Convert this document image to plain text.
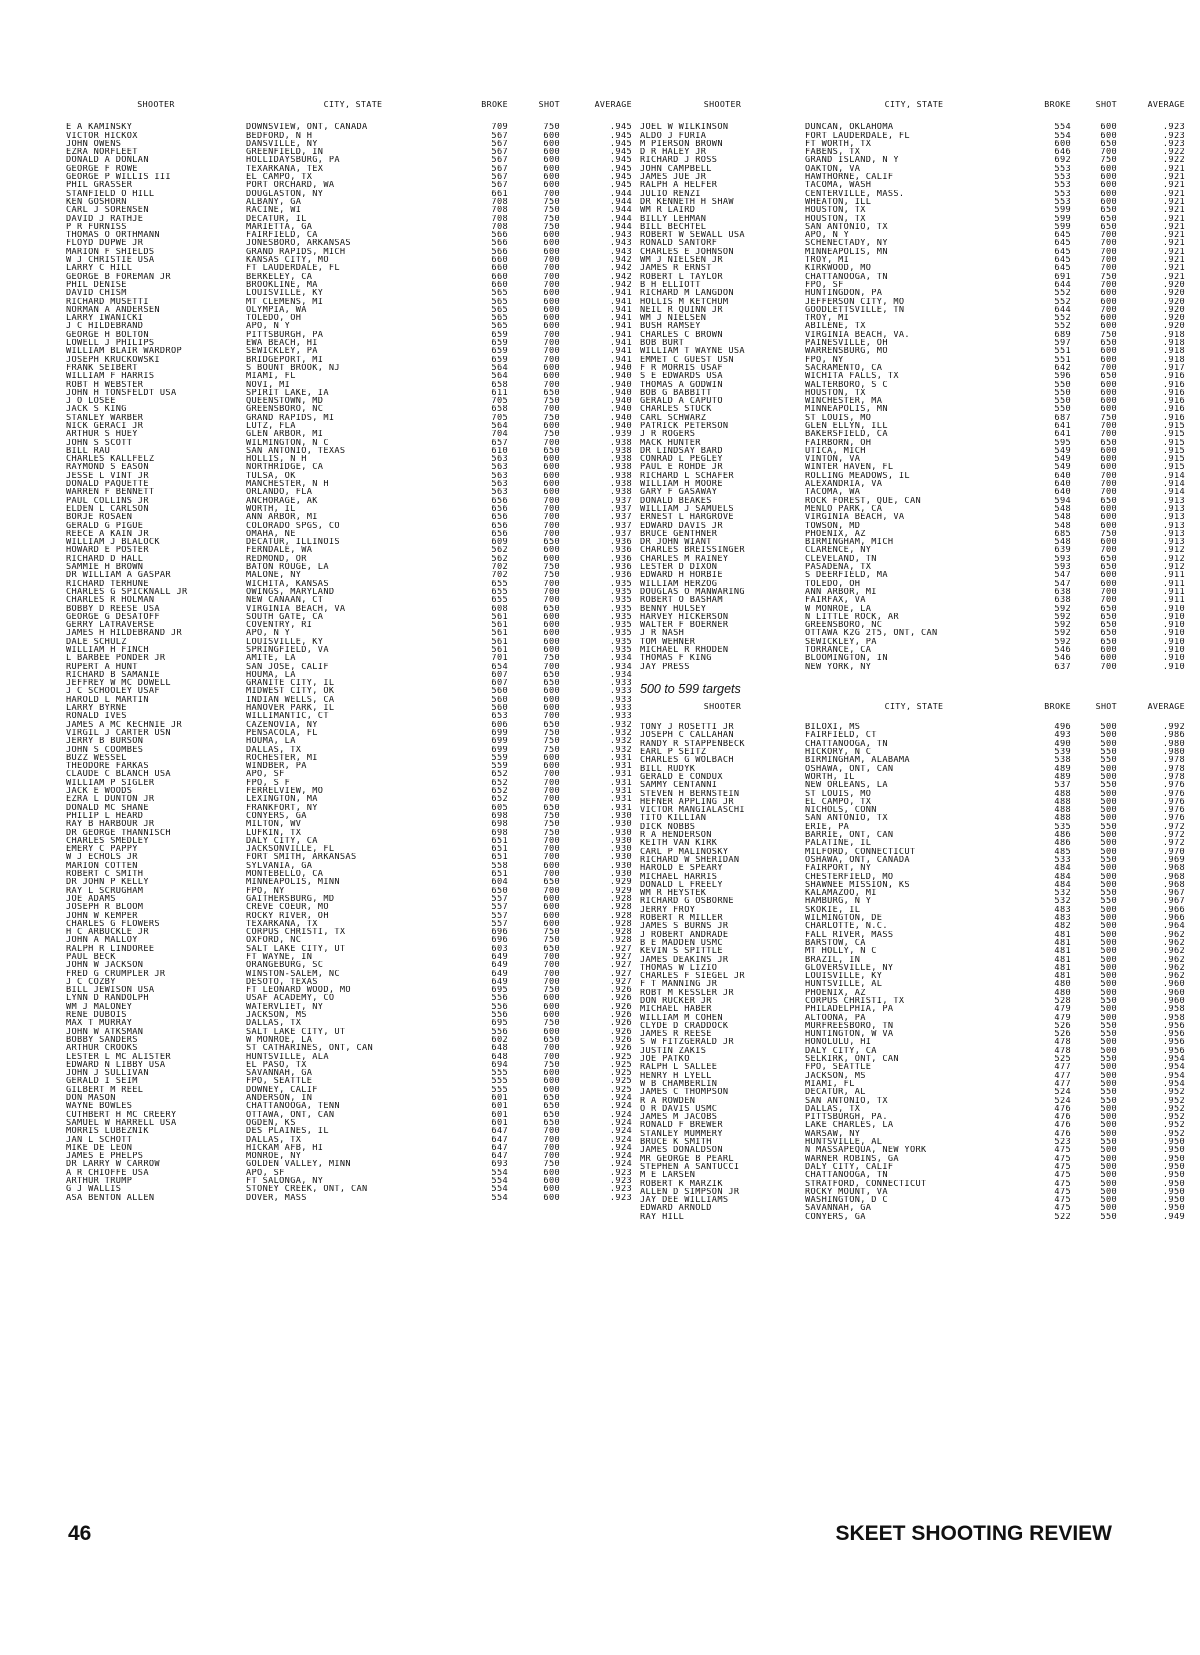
SHOOTER	CITY, STATE	BROKE	SHOT	AVERAGE
E A KAMINSKY	DOWNSVIEW, ONT, CANADA	709	750	.945
VICTOR HICKOX	BEDFORD, N H	567	600	.945
JOHN OWENS	DANSVILLE, NY	567	600	.945
EZRA NORFLEET	GREENFIELD, IN	567	600	.945
DONALD A DONLAN	HOLLIDAYSBURG, PA	567	600	.945
GEORGE F ROWE	TEXARKANA, TEX	567	600	.945
GEORGE P WILLIS III	EL CAMPO, TX	567	600	.945
PHIL GRASSER	PORT ORCHARD, WA	567	600	.945
STANFIELD O HILL	DOUGLASTON, NY	661	700	.944
KEN GOSHORN	ALBANY, GA	708	750	.944
CARL J SORENSEN	RACINE, WI	708	750	.944
DAVID J RATHJE	DECATUR, IL	708	750	.944
P R FURNISS	MARIETTA, GA	708	750	.944
THOMAS O ORTHMANN	FAIRFIELD, CA	566	600	.943
FLOYD DUPWE JR	JONESBORO, ARKANSAS	566	600	.943
MARION F SHIELDS	GRAND RAPIDS, MICH	566	600	.943
W J CHRISTIE USA	KANSAS CITY, MO	660	700	.942
LARRY C HILL	FT LAUDERDALE, FL	660	700	.942
GEORGE B FOREMAN JR	BERKELEY, CA	660	700	.942
PHIL DENISE	BROOKLINE, MA	660	700	.942
DAVID CHISM	LOUISVILLE, KY	565	600	.941
RICHARD MUSETTI	MT CLEMENS, MI	565	600	.941
NORMAN A ANDERSEN	OLYMPIA, WA	565	600	.941
LARRY IWANICKI	TOLEDO, OH	565	600	.941
J C HILDEBRAND	APO, N Y	565	600	.941
GEORGE H BOLTON	PITTSBURGH, PA	659	700	.941
LOWELL J PHILIPS	EWA BEACH, HI	659	700	.941
WILLIAM BLAIR WARDROP	SEWICKLEY, PA	659	700	.941
JOSEPH KRUCKOWSKI	BRIDGEPORT, MI	659	700	.941
FRANK SEIBERT	S BOUNT BROOK, NJ	564	600	.940
WILLIAM F HARRIS	MIAMI, FL	564	600	.940
ROBT H WEBSTER	NOVI, MI	658	700	.940
JOHN H TONSFELDT USA	SPIRIT LAKE, IA	611	650	.940
J O LOSEE	QUEENSTOWN, MD	705	750	.940
JACK S KING	GREENSBORO, NC	658	700	.940
STANLEY WARBER	GRAND RAPIDS, MI	705	750	.940
NICK GERACI JR	LUTZ, FLA	564	600	.940
ARTHUR S HUEY	GLEN ARBOR, MI	704	750	.939
JOHN S SCOTT	WILMINGTON, N C	657	700	.938
BILL RAU	SAN ANTONIO, TEXAS	610	650	.938
CHARLES KALLFELZ	HOLLIS, N H	563	600	.938
RAYMOND S EASON	NORTHRIDGE, CA	563	600	.938
JESSE L VINT JR	TULSA, OK	563	600	.938
DONALD PAQUETTE	MANCHESTER, N H	563	600	.938
WARREN F BENNETT	ORLANDO, FLA	563	600	.938
PAUL COLLINS JR	ANCHORAGE, AK	656	700	.937
ELDEN L CARLSON	WORTH, IL	656	700	.937
BORJE ROSAEN	ANN ARBOR, MI	656	700	.937
GERALD G PIGUE	COLORADO SPGS, CO	656	700	.937
REECE A KAIN JR	OMAHA, NE	656	700	.937
WILLIAM J BLALOCK	DECATUR, ILLINOIS	609	650	.936
HOWARD E POSTER	FERNDALE, WA	562	600	.936
RICHARD D HALL	REDMOND, OR	562	600	.936
SAMMIE H BROWN	BATON ROUGE, LA	702	750	.936
DR WILLIAM A GASPAR	MALONE, NY	702	750	.936
RICHARD TERHUNE	WICHITA, KANSAS	655	700	.935
CHARLES G SPICKNALL JR	OWINGS, MARYLAND	655	700	.935
CHARLES R HOLMAN	NEW CANAAN, CT	655	700	.935
BOBBY D REESE USA	VIRGINIA BEACH, VA	608	650	.935
GEORGE G DESATOFF	SOUTH GATE, CA	561	600	.935
GERRY LATRAVERSE	COVENTRY, RI	561	600	.935
JAMES H HILDEBRAND JR	APO, N Y	561	600	.935
DALE SCHULZ	LOUISVILLE, KY	561	600	.935
WILLIAM H FINCH	SPRINGFIELD, VA	561	600	.935
L BARBEE PONDER JR	AMITE, LA	701	750	.934
RUPERT A HUNT	SAN JOSE, CALIF	654	700	.934
RICHARD B SAMANIE	HOUMA, LA	607	650	.934
JEFFREY W MC DOWELL	GRANITE CITY, IL	607	650	.933
J C SCHOOLEY USAF	MIDWEST CITY, OK	560	600	.933
HAROLD L MARTIN	INDIAN WELLS, CA	560	600	.933
LARRY BYRNE	HANOVER PARK, IL	560	600	.933
RONALD IVES	WILLIMANTIC, CT	653	700	.933
JAMES A MC KECHNIE JR	CAZENOVIA, NY	606	650	.932
VIRGIL J CARTER USN	PENSACOLA, FL	699	750	.932
JERRY B BURSON	HOUMA, LA	699	750	.932
JOHN S COOMBES	DALLAS, TX	699	750	.932
BUZZ WESSEL	ROCHESTER, MI	559	600	.931
THEODORE FARKAS	WINDBER, PA	559	600	.931
CLAUDE C BLANCH USA	APO, SF	652	700	.931
WILLIAM P SIGLER	FPO, S F	652	700	.931
JACK E WOODS	FERRELVIEW, MO	652	700	.931
EZRA L DUNTON JR	LEXINGTON, MA	652	700	.931
DONALD MC SHANE	FRANKFORT, NY	605	650	.931
PHILIP L HEARD	CONYERS, GA	698	750	.930
RAY B HARBOUR JR	MILTON, WV	698	750	.930
DR GEORGE THANNISCH	LUFKIN, TX	698	750	.930
CHARLES SMEDLEY	DALY CITY, CA	651	700	.930
EMERY C PAPPY	JACKSONVILLE, FL	651	700	.930
W J ECHOLS JR	FORT SMITH, ARKANSAS	651	700	.930
MARION COTTEN	SYLVANIA, GA	558	600	.930
ROBERT C SMITH	MONTEBELLO, CA	651	700	.930
DR JOHN P KELLY	MINNEAPOLIS, MINN	604	650	.929
RAY L SCRUGHAM	FPO, NY	650	700	.929
JOE ADAMS	GAITHERSBURG, MD	557	600	.928
JOSEPH R BLOOM	CREVE COEUR, MO	557	600	.928
JOHN W KEMPER	ROCKY RIVER, OH	557	600	.928
CHARLES G FLOWERS	TEXARKANA, TX	557	600	.928
H C ARBUCKLE JR	CORPUS CHRISTI, TX	696	750	.928
JOHN A MALLOY	OXFORD, NC	696	750	.928
RALPH R LINDOREE	SALT LAKE CITY, UT	603	650	.927
PAUL BECK	FT WAYNE, IN	649	700	.927
JOHN W JACKSON	ORANGEBURG, SC	649	700	.927
FRED G CRUMPLER JR	WINSTON-SALEM, NC	649	700	.927
J C COZBY	DESOTO, TEXAS	649	700	.927
BILL JEWISON USA	FT LEONARD WOOD, MO	695	750	.926
LYNN D RANDOLPH	USAF ACADEMY, CO	556	600	.926
WM J MALONEY	WATERVLIET, NY	556	600	.926
RENE DUBOIS	JACKSON, MS	556	600	.926
MAX T MURRAY	DALLAS, TX	695	750	.926
JOHN W ATKSMAN	SALT LAKE CITY, UT	556	600	.926
BOBBY SANDERS	W MONROE, LA	602	650	.926
ARTHUR CROOKS	ST CATHARINES, ONT, CAN	648	700	.926
LESTER L MC ALISTER	HUNTSVILLE, ALA	648	700	.925
EDWARD N LIBBY USA	EL PASO, TX	694	750	.925
JOHN J SULLIVAN	SAVANNAH, GA	555	600	.925
GERALD I SEIM	FPO, SEATTLE	555	600	.925
GILBERT M REEL	DOWNEY, CALIF	555	600	.925
DON MASON	ANDERSON, IN	601	650	.924
WAYNE BOWLES	CHATTANOOGA, TENN	601	650	.924
CUTHBERT H MC CREERY	OTTAWA, ONT, CAN	601	650	.924
SAMUEL W HARRELL USA	OGDEN, KS	601	650	.924
MORRIS LUBEZNIK	DES PLAINES, IL	647	700	.924
JAN L SCHOTT	DALLAS, TX	647	700	.924
MIKE DE LEON	HICKAM AFB, HI	647	700	.924
JAMES E PHELPS	MONROE, NY	647	700	.924
DR LARRY W CARROW	GOLDEN VALLEY, MINN	693	750	.924
A R CHIOFFE USA	APO, SF	554	600	.923
ARTHUR TRUMP	FT SALONGA, NY	554	600	.923
G J WALLIS	STONEY CREEK, ONT, CAN	554	600	.923
ASA BENTON ALLEN	DOVER, MASS	554	600	.923
SHOOTER	CITY, STATE	BROKE	SHOT	AVERAGE
JOEL W WILKINSON	DUNCAN, OKLAHOMA	554	600	.923
ALDO J FURIA	FORT LAUDERDALE, FL	554	600	.923
M PIERSON BROWN	FT WORTH, TX	600	650	.923
D R HALEY JR	FABENS, TX	646	700	.922
RICHARD J ROSS	GRAND ISLAND, N Y	692	750	.922
JOHN CAMPBELL	OAKTON, VA	553	600	.921
JAMES JUE JR	HAWTHORNE, CALIF	553	600	.921
RALPH A HELFER	TACOMA, WASH	553	600	.921
JULIO RENZI	CENTERVILLE, MASS.	553	600	.921
DR KENNETH H SHAW	WHEATON, ILL	553	600	.921
WM R LAIRD	HOUSTON, TX	599	650	.921
BILLY LEHMAN	HOUSTON, TX	599	650	.921
BILL BECHTEL	SAN ANTONIO, TX	599	650	.921
ROBERT W SEWALL USA	APO, N Y	645	700	.921
RONALD SANTORF	SCHENECTADY, NY	645	700	.921
CHARLES E JOHNSON	MINNEAPOLIS, MN	645	700	.921
WM J NIELSEN JR	TROY, MI	645	700	.921
JAMES R ERNST	KIRKWOOD, MO	645	700	.921
ROBERT L TAYLOR	CHATTANOOGA, TN	691	750	.921
B H ELLIOTT	FPO, SF	644	700	.920
RICHARD M LANGDON	HUNTINGDON, PA	552	600	.920
HOLLIS M KETCHUM	JEFFERSON CITY, MO	552	600	.920
NEIL R QUINN JR	GOODLETTSVILLE, TN	644	700	.920
WM J NIELSEN	TROY, MI	552	600	.920
BUSH RAMSEY	ABILENE, TX	552	600	.920
CHARLES C BROWN	VIRGINIA BEACH, VA.	689	750	.918
BOB BURT	PAINESVILLE, OH	597	650	.918
WILLIAM T WAYNE USA	WARRENSBURG, MO	551	600	.918
EMMET C GUEST USN	FPO, NY	551	600	.918
F R MORRIS USAF	SACRAMENTO, CA	642	700	.917
S E EDWARDS USA	WICHITA FALLS, TX	596	650	.916
THOMAS A GODWIN	WALTERBORO, S C	550	600	.916
BOB G BABBITT	HOUSTON, TX	550	600	.916
GERALD A CAPUTO	WINCHESTER, MA	550	600	.916
CHARLES STUCK	MINNEAPOLIS, MN	550	600	.916
CARL SCHWARZ	ST LOUIS, MO	687	750	.916
PATRICK PETERSON	GLEN ELLYN, ILL	641	700	.915
J R ROGERS	BAKERSFIELD, CA	641	700	.915
MACK HUNTER	FAIRBORN, OH	595	650	.915
DR LINDSAY BARD	UTICA, MICH	549	600	.915
CONRAD L PEGLEY	VINTON, VA	549	600	.915
PAUL E ROHDE JR	WINTER HAVEN, FL	549	600	.915
RICHARD L SCHAFER	ROLLING MEADOWS, IL	640	700	.914
WILLIAM H MOORE	ALEXANDRIA, VA	640	700	.914
GARY F GASAWAY	TACOMA, WA	640	700	.914
DONALD BEAKES	ROCK FOREST, QUE, CAN	594	650	.913
WILLIAM J SAMUELS	MENLO PARK, CA	548	600	.913
ERNEST L HARGROVE	VIRGINIA BEACH, VA	548	600	.913
EDWARD DAVIS JR	TOWSON, MD	548	600	.913
BRUCE GENTHNER	PHOENIX, AZ	685	750	.913
DR JOHN WIANT	BIRMINGHAM, MICH	548	600	.913
CHARLES BREISSINGER	CLARENCE, NY	639	700	.912
CHARLES M RAINEY	CLEVELAND, TN	593	650	.912
LESTER D DIXON	PASADENA, TX	593	650	.912
EDWARD H HORBIE	S DEERFIELD, MA	547	600	.911
WILLIAM HERZOG	TOLEDO, OH	547	600	.911
DOUGLAS O MANWARING	ANN ARBOR, MI	638	700	.911
ROBERT O BASHAM	FAIRFAX, VA	638	700	.911
BENNY HULSEY	W MONROE, LA	592	650	.910
HARVEY HICKERSON	N LITTLE ROCK, AR	592	650	.910
WALTER F BOERNER	GREENSBORO, NC	592	650	.910
J R NASH	OTTAWA K2G 2T5, ONT, CAN	592	650	.910
TOM WEHNER	SEWICKLEY, PA	592	650	.910
MICHAEL R RHODEN	TORRANCE, CA	546	600	.910
THOMAS F KING	BLOOMINGTON, IN	546	600	.910
JAY PRESS	NEW YORK, NY	637	700	.910
500 to 599 targets
SHOOTER	CITY, STATE	BROKE	SHOT	AVERAGE
TONY J ROSETTI JR	BILOXI, MS	496	500	.992
JOSEPH C CALLAHAN	FAIRFIELD, CT	493	500	.986
RANDY R STAPPENBECK	CHATTANOOGA, TN	490	500	.980
EARL P SEITZ	HICKORY, N C	539	550	.980
CHARLES G WOLBACH	BIRMINGHAM, ALABAMA	538	550	.978
BILL RUDYK	OSHAWA, ONT, CAN	489	500	.978
GERALD E CONDUX	WORTH, IL	489	500	.978
SAMMY CENTANNI	NEW ORLEANS, LA	537	550	.976
STEVEN H BERNSTEIN	ST LOUIS, MO	488	500	.976
HEFNER APPLING JR	EL CAMPO, TX	488	500	.976
VICTOR MANGIALASCHI	NICHOLS, CONN	488	500	.976
TITO KILLIAN	SAN ANTONIO, TX	488	500	.976
DICK NOBBS	ERIE, PA	535	550	.972
R A HENDERSON	BARRIE, ONT, CAN	486	500	.972
KEITH VAN KIRK	PALATINE, IL	486	500	.972
CARL P MALINOSKY	MILFORD, CONNECTICUT	485	500	.970
RICHARD W SHERIDAN	OSHAWA, ONT, CANADA	533	550	.969
HAROLD E SPEARY	FAIRPORT, NY	484	500	.968
MICHAEL HARRIS	CHESTERFIELD, MO	484	500	.968
DONALD L FREELY	SHAWNEE MISSION, KS	484	500	.968
WM R HEYSTEK	KALAMAZOO, MI	532	550	.967
RICHARD G OSBORNE	HAMBURG, N Y	532	550	.967
JERRY FROY	SKOKIE, IL	483	500	.966
ROBERT R MILLER	WILMINGTON, DE	483	500	.966
JAMES S BURNS JR	CHARLOTTE, N.C.	482	500	.964
J ROBERT ANDRADE	FALL RIVER, MASS	481	500	.962
B E MADDEN USMC	BARSTOW, CA	481	500	.962
KEVIN S SPITTLE	MT HOLLY, N C	481	500	.962
JAMES DEAKINS JR	BRAZIL, IN	481	500	.962
THOMAS W LIZIO	GLOVERSVILLE, NY	481	500	.962
CHARLES F SIEGEL JR	LOUISVILLE, KY	481	500	.962
F T MANNING JR	HUNTSVILLE, AL	480	500	.960
ROBT M KESSLER JR	PHOENIX, AZ	480	500	.960
DON RUCKER JR	CORPUS CHRISTI, TX	528	550	.960
MICHAEL HABER	PHILADELPHIA, PA	479	500	.958
WILLIAM M COHEN	ALTOONA, PA	479	500	.958
CLYDE D CRADDOCK	MURFREESBORO, TN	526	550	.956
JAMES R REESE	HUNTINGTON, W VA	526	550	.956
S W FITZGERALD JR	HONOLULU, HI	478	500	.956
JUSTIN ZAKIS	DALY CITY, CA	478	500	.956
JOE PATKO	SELKIRK, ONT, CAN	525	550	.954
RALPH L SALLEE	FPO, SEATTLE	477	500	.954
HENRY H LYELL	JACKSON, MS	477	500	.954
W B CHAMBERLIN	MIAMI, FL	477	500	.954
JAMES C THOMPSON	DECATUR, AL	524	550	.952
R A ROWDEN	SAN ANTONIO, TX	524	550	.952
O R DAVIS USMC	DALLAS, TX	476	500	.952
JAMES M JACOBS	PITTSBURGH, PA.	476	500	.952
RONALD F BREWER	LAKE CHARLES, LA	476	500	.952
STANLEY MUMMERY	WARSAW, NY	476	500	.952
BRUCE K SMITH	HUNTSVILLE, AL	523	550	.950
JAMES DONALDSON	N MASSAPEQUA, NEW YORK	475	500	.950
MR GEORGE B PEARL	WARNER ROBINS, GA	475	500	.950
STEPHEN A SANTUCCI	DALY CITY, CALIF	475	500	.950
M E LARSEN	CHATTANOOGA, TN	475	500	.950
ROBERT K MARZIK	STRATFORD, CONNECTICUT	475	500	.950
ALLEN D SIMPSON JR	ROCKY MOUNT, VA	475	500	.950
JAY DEE WILLIAMS	WASHINGTON, D C	475	500	.950
EDWARD ARNOLD	SAVANNAH, GA	475	500	.950
RAY HILL	CONYERS, GA	522	550	.949
46	SKEET SHOOTING REVIEW
